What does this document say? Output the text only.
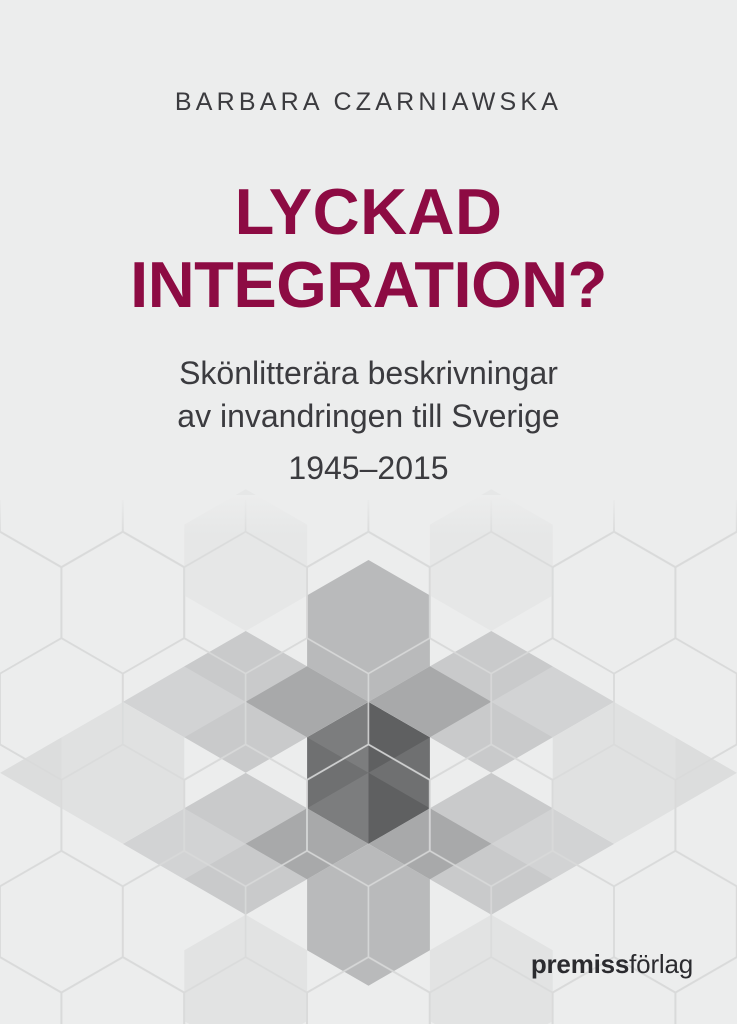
BARBARA CZARNIAWSKA
LYCKAD
INTEGRATION?
Skönlitterära beskrivningar
av invandringen till Sverige
1945–2015
premissförlag
